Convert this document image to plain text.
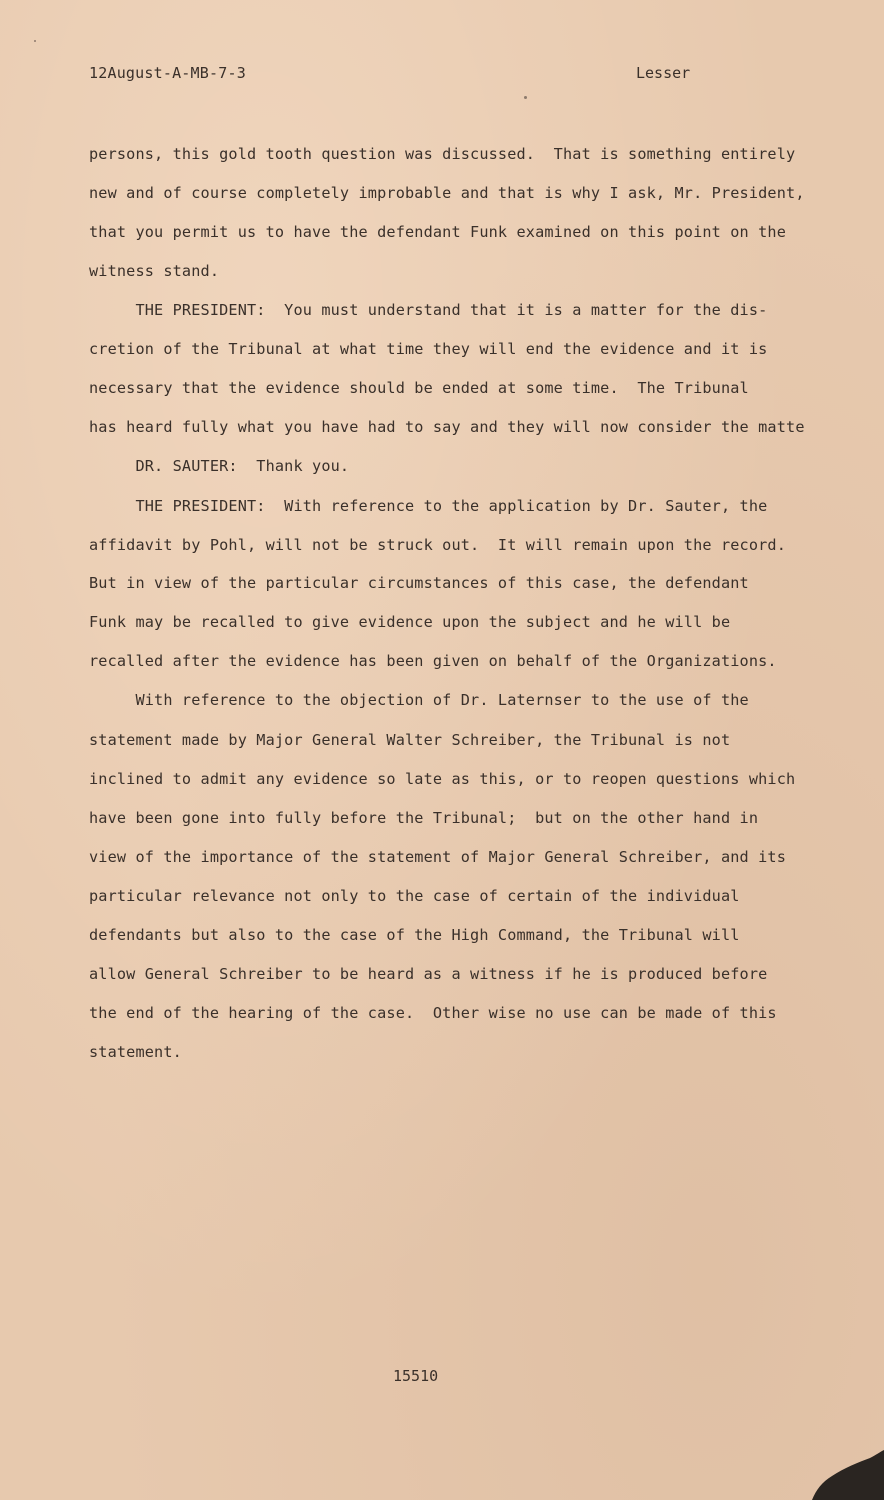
12August-A-MB-7-3	Lesser
persons, this gold tooth question was discussed.  That is something entirely
new and of course completely improbable and that is why I ask, Mr. President,
that you permit us to have the defendant Funk examined on this point on the
witness stand.
THE PRESIDENT:  You must understand that it is a matter for the dis-
cretion of the Tribunal at what time they will end the evidence and it is
necessary that the evidence should be ended at some time.  The Tribunal
has heard fully what you have had to say and they will now consider the matte
DR. SAUTER:  Thank you.
THE PRESIDENT:  With reference to the application by Dr. Sauter, the
affidavit by Pohl, will not be struck out.  It will remain upon the record.
But in view of the particular circumstances of this case, the defendant
Funk may be recalled to give evidence upon the subject and he will be
recalled after the evidence has been given on behalf of the Organizations.
With reference to the objection of Dr. Laternser to the use of the
statement made by Major General Walter Schreiber, the Tribunal is not
inclined to admit any evidence so late as this, or to reopen questions which
have been gone into fully before the Tribunal;  but on the other hand in
view of the importance of the statement of Major General Schreiber, and its
particular relevance not only to the case of certain of the individual
defendants but also to the case of the High Command, the Tribunal will
allow General Schreiber to be heard as a witness if he is produced before
the end of the hearing of the case.  Other wise no use can be made of this
statement.
15510
